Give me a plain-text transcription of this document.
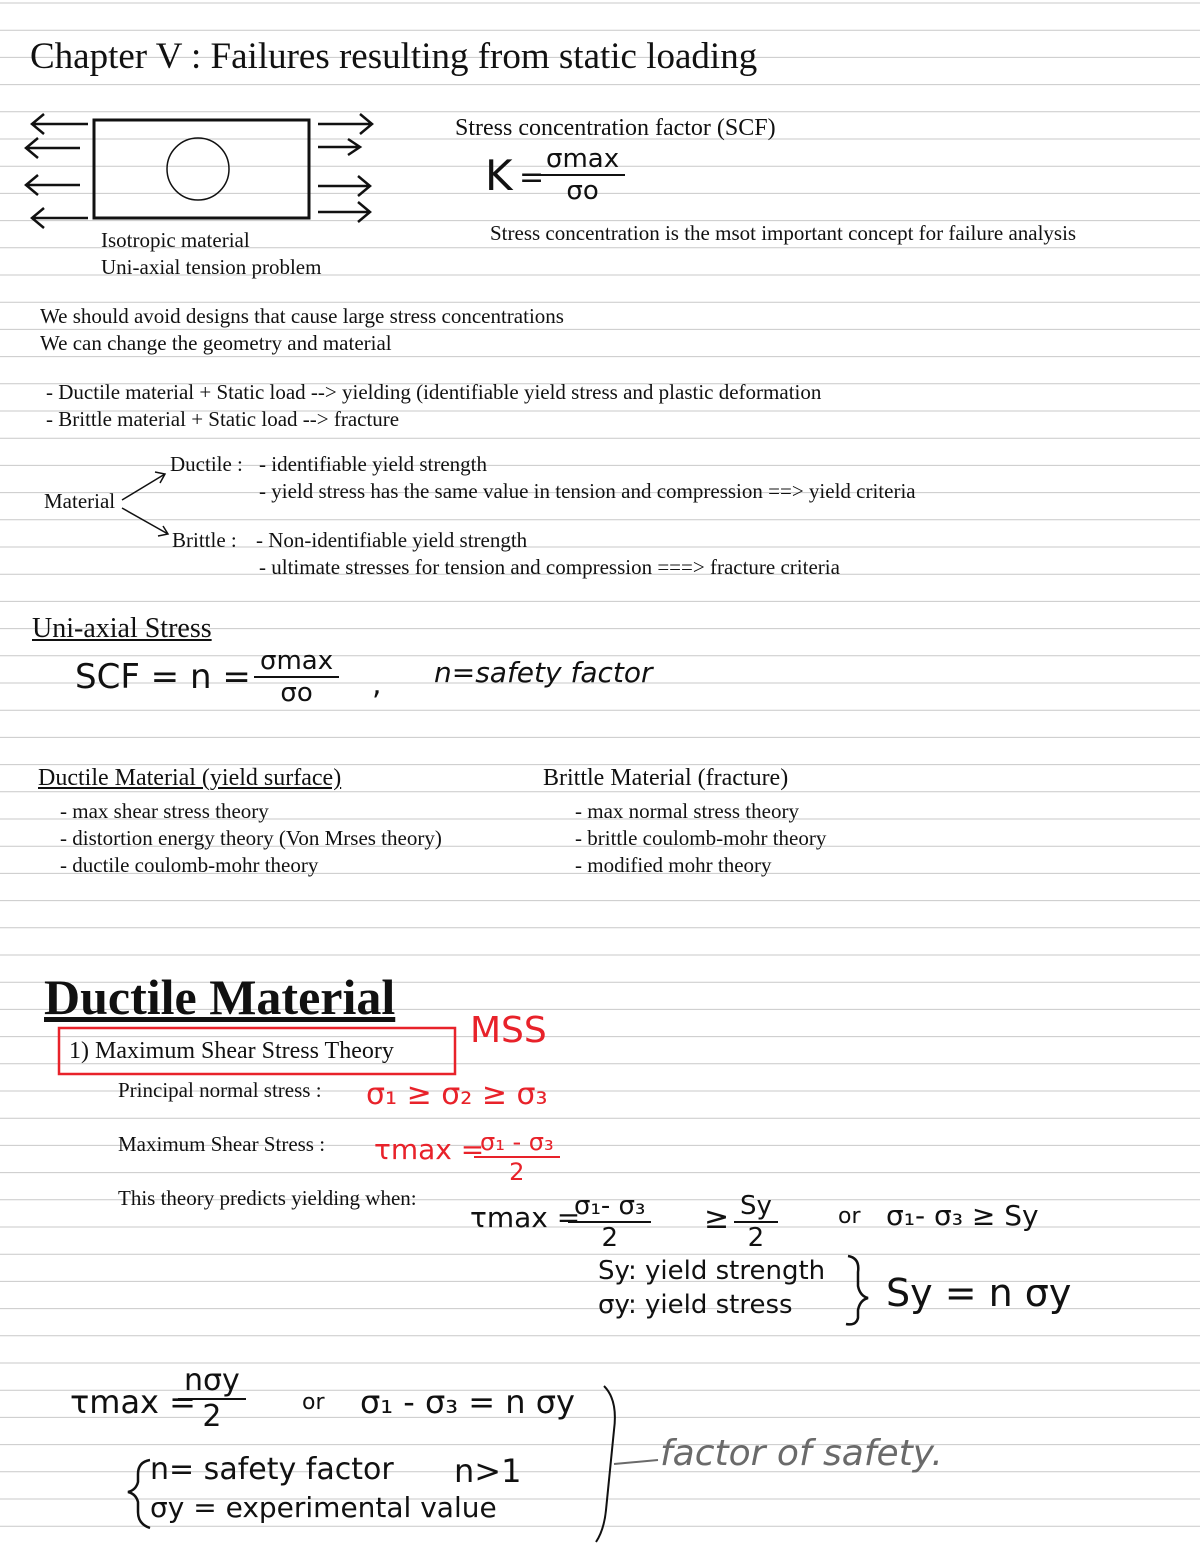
Chapter V : Failures resulting from static loading
Isotropic material
Uni-axial tension problem
Stress concentration factor (SCF)
K =
σmax
σo
Stress concentration is the msot important concept for failure analysis
We should avoid designs that cause large stress concentrations
We can change the geometry and material
- Ductile material + Static load --> yielding (identifiable yield stress and plastic deformation
- Brittle material + Static load --> fracture
Material
Ductile : - identifiable yield strength
- yield stress has the same value in tension and compression ==> yield criteria
Brittle : - Non-identifiable yield strength
- ultimate stresses for tension and compression ===> fracture criteria
Uni-axial Stress
SCF = n = σmax
σo , n=safety factor
Ductile Material (yield surface)
- max shear stress theory
- distortion energy theory (Von Mrses theory)
- ductile coulomb-mohr theory
Brittle Material (fracture)
- max normal stress theory
- brittle coulomb-mohr theory
- modified mohr theory
Ductile Material
1) Maximum Shear Stress Theory MSS
Principal normal stress : σ₁ ≥ σ₂ ≥ σ₃
Maximum Shear Stress : τmax =
$\frac{\text{σ₁ - σ₃}}{2}$
This theory predicts yielding when:
τmax =
$\frac{\text{σ₁- σ₃}}{2} \ge \frac{Sy}{2}$	or σ₁- σ₃ ≥ Sy
Sy: yield strength
σy: yield stress Sy = n σy
τmax =
nσy
2	or σ₁ - σ₃ = n σy
n= safety factor n>1
σy = experimental value
factor of safety.
